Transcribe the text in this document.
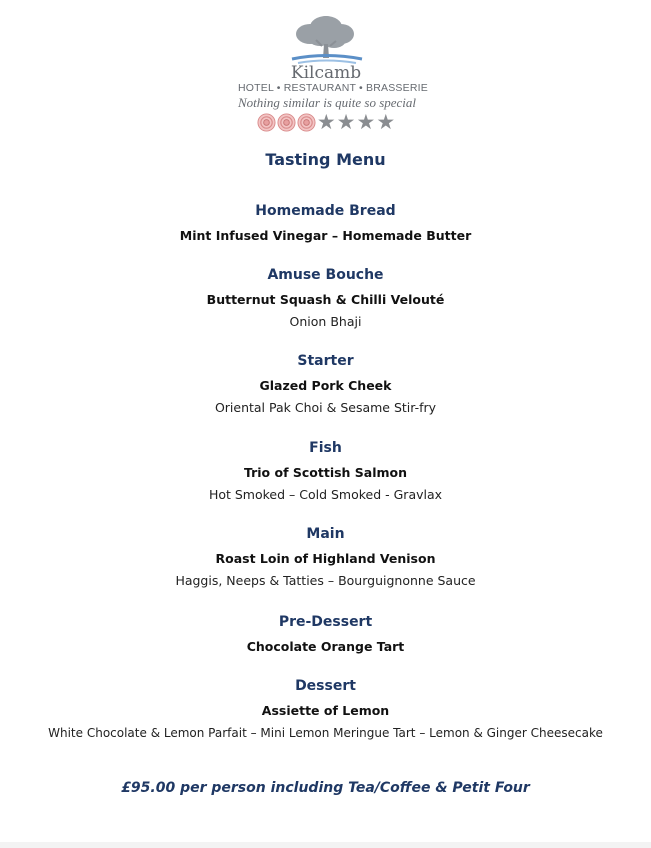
Kilcamb
HOTEL • RESTAURANT • BRASSERIE
Nothing similar is quite so special
★ ★ ★ ★
Tasting Menu
Homemade Bread
Mint Infused Vinegar – Homemade Butter
Amuse Bouche
Butternut Squash & Chilli Velouté
Onion Bhaji
Starter
Glazed Pork Cheek
Oriental Pak Choi & Sesame Stir-fry
Fish
Trio of Scottish Salmon
Hot Smoked – Cold Smoked - Gravlax
Main
Roast Loin of Highland Venison
Haggis, Neeps & Tatties – Bourguignonne Sauce
Pre-Dessert
Chocolate Orange Tart
Dessert
Assiette of Lemon
White Chocolate & Lemon Parfait – Mini Lemon Meringue Tart – Lemon & Ginger Cheesecake
£95.00 per person including Tea/Coffee & Petit Four
